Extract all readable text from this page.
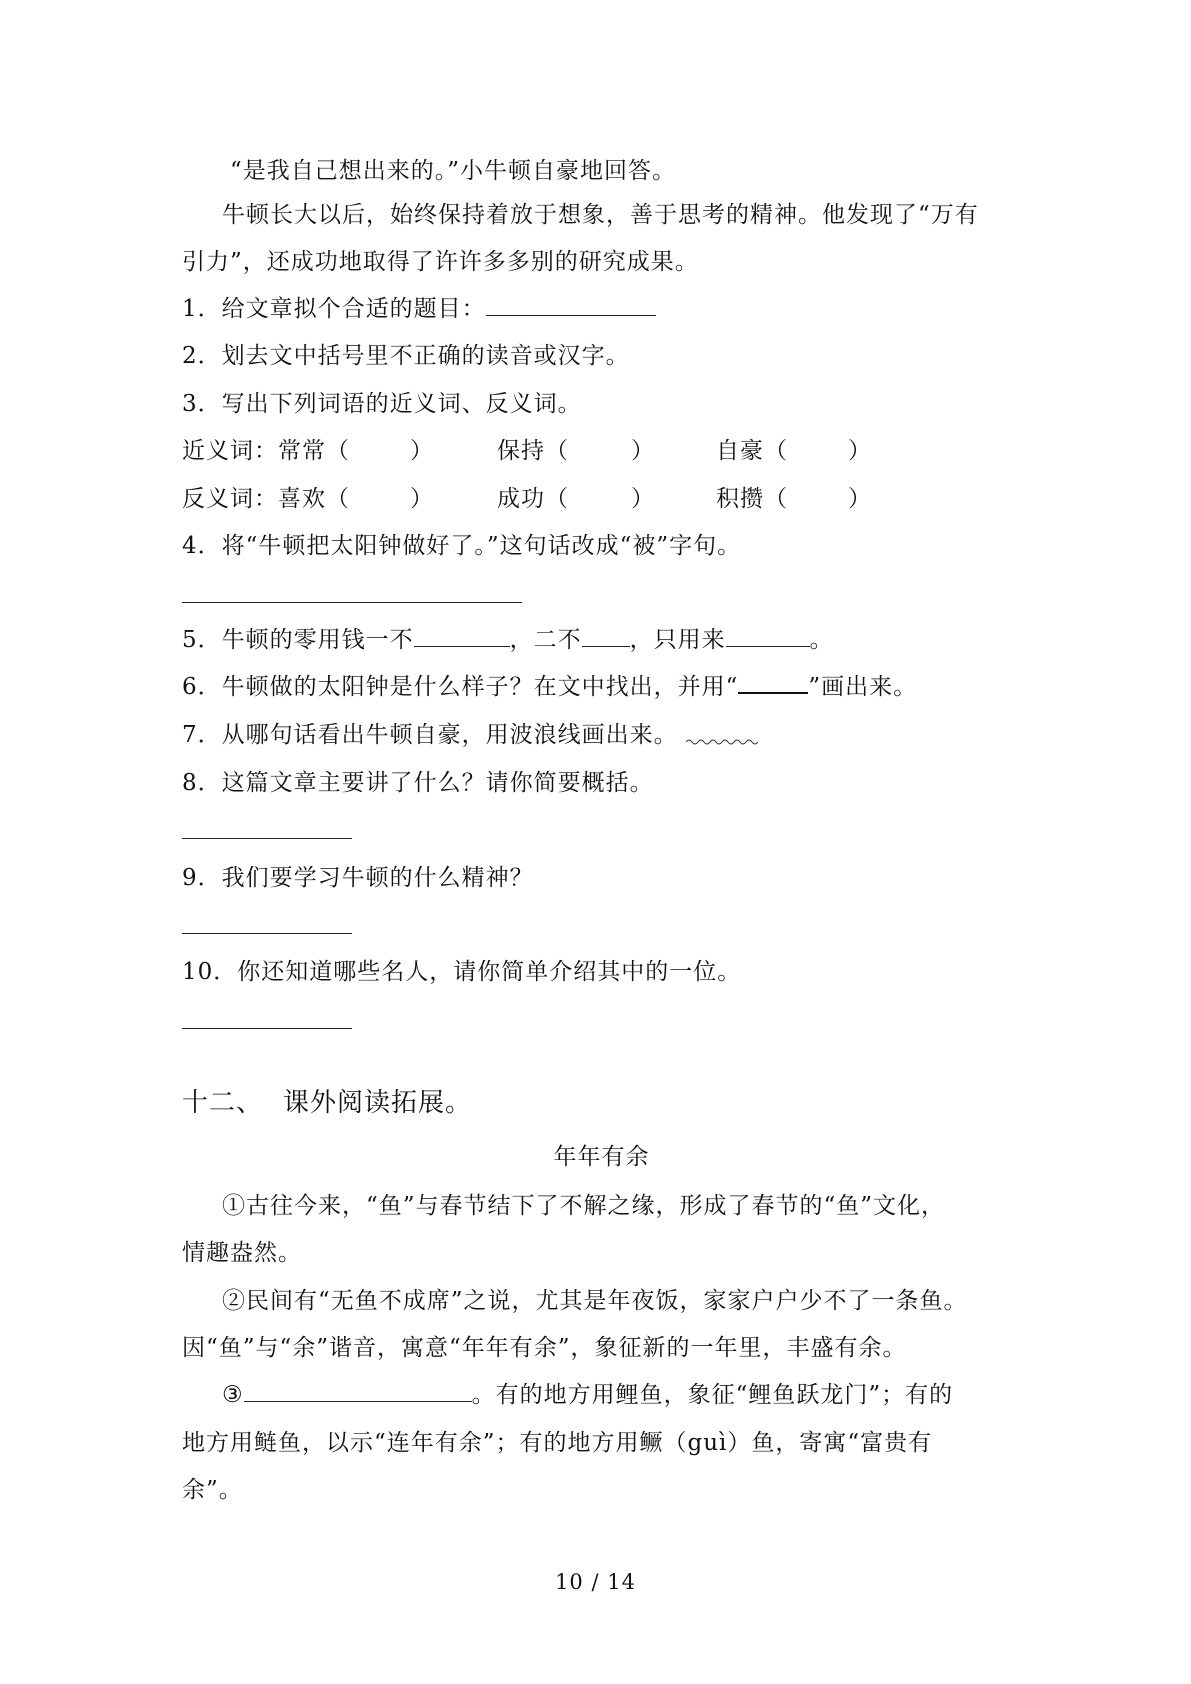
“是我自己想出来的。”小牛顿自豪地回答。
牛顿长大以后，始终保持着放于想象，善于思考的精神。他发现了“万有
引力”，还成功地取得了许许多多别的研究成果。
1．给文章拟个合适的题目：
2．划去文中括号里不正确的读音或汉字。
3．写出下列词语的近义词、反义词。
近义词： 常常（	）	保持（	）	自豪（	）
反义词： 喜欢（	）	成功（	）	积攒（	）
4．将“牛顿把太阳钟做好了。”这句话改成“被”字句。
5．牛顿的零用钱一不	，二不 ，只用来	。
6．牛顿做的太阳钟是什么样子？在文中找出，并用“	”画出来。
7．从哪句话看出牛顿自豪，用波浪线画出来。
8．这篇文章主要讲了什么？请你简要概括。
9．我们要学习牛顿的什么精神？
10．你还知道哪些名人，请你简单介绍其中的一位。
十二、 课外阅读拓展。
年年有余
①古往今来，“鱼”与春节结下了不解之缘，形成了春节的“鱼”文化，
情趣盎然。
②民间有“无鱼不成席”之说，尤其是年夜饭，家家户户少不了一条鱼。
因“鱼”与“余”谐音，寓意“年年有余”，象征新的一年里，丰盛有余。
③	。有的地方用鲤鱼，象征“鲤鱼跃龙门”；有的
地方用鲢鱼，以示“连年有余”；有的地方用鳜（guì）鱼，寄寓“富贵有
余”。
10 / 14
